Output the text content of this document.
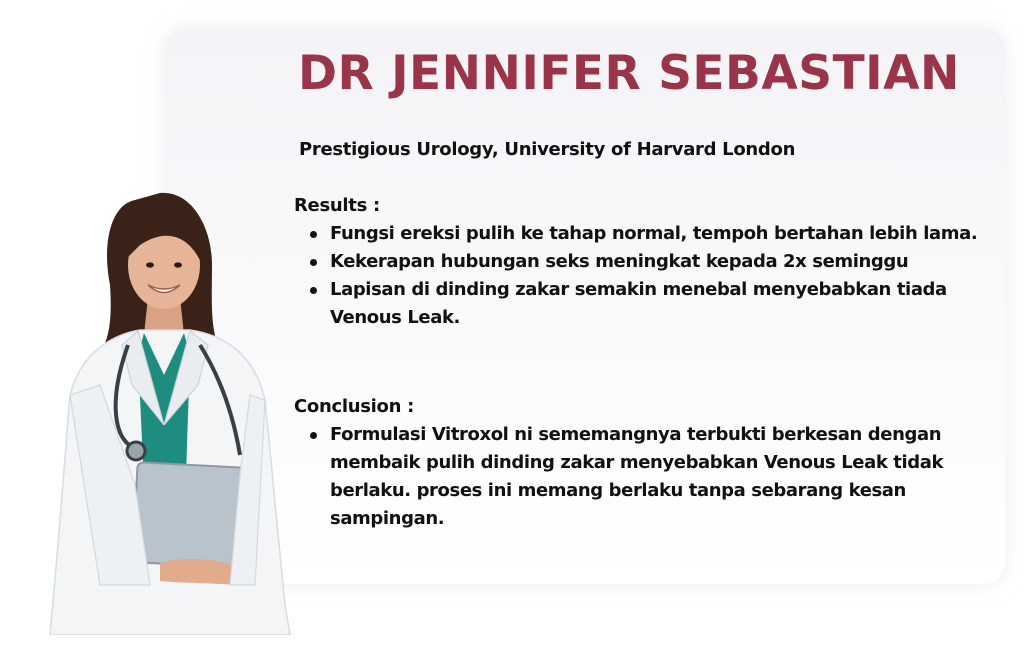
DR JENNIFER SEBASTIAN

Prestigious Urology, University of Harvard London

Results :
Fungsi ereksi pulih ke tahap normal, tempoh bertahan lebih lama.
Kekerapan hubungan seks meningkat kepada 2x seminggu
Lapisan di dinding zakar semakin menebal menyebabkan tiada Venous Leak.
Conclusion :
Formulasi Vitroxol ni sememangnya terbukti berkesan dengan membaik pulih dinding zakar menyebabkan Venous Leak tidak berlaku. proses ini memang berlaku tanpa sebarang kesan sampingan.
